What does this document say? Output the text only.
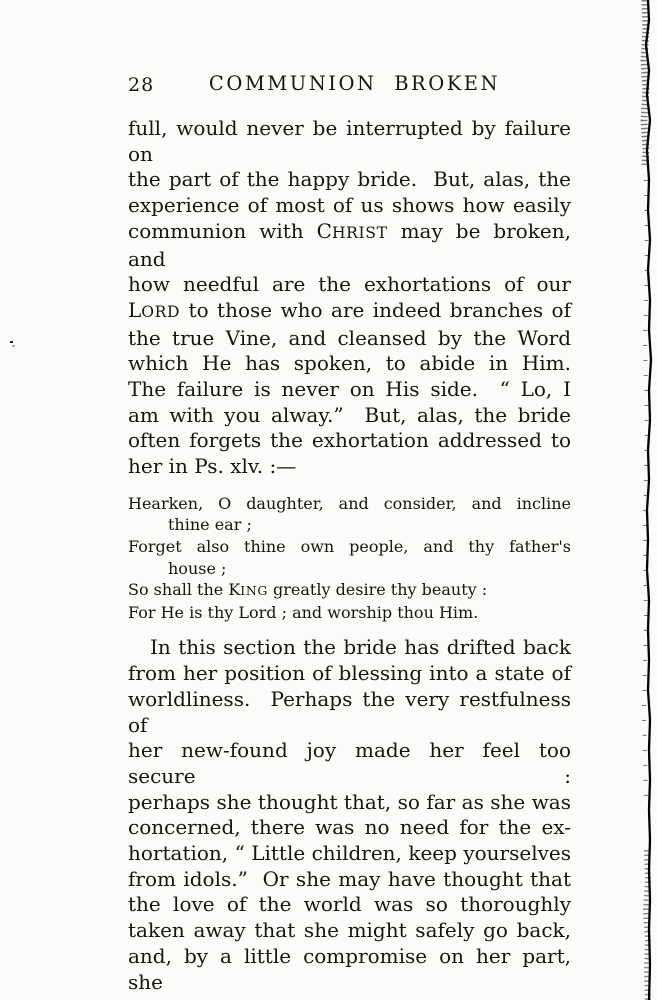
28	COMMUNION BROKEN
full, would never be interrupted by failure on
the part of the happy bride.  But, alas, the
experience of most of us shows how easily
communion with CHRIST may be broken, and
how needful are the exhortations of our
LORD to those who are indeed branches of
the true Vine, and cleansed by the Word
which He has spoken, to abide in Him.
The failure is never on His side.  “ Lo, I
am with you alway.”  But, alas, the bride
often forgets the exhortation addressed to
her in Ps. xlv. :—
Hearken, O daughter, and consider, and incline
thine ear ;
Forget also thine own people, and thy father's
house ;
So shall the KING greatly desire thy beauty :
For He is thy Lord ; and worship thou Him.
In this section the bride has drifted back
from her position of blessing into a state of
worldliness.  Perhaps the very restfulness of
her new-found joy made her feel too secure :
perhaps she thought that, so far as she was
concerned, there was no need for the ex-
hortation, “ Little children, keep yourselves
from idols.”  Or she may have thought that
the love of the world was so thoroughly
taken away that she might safely go back,
and, by a little compromise on her part, she
